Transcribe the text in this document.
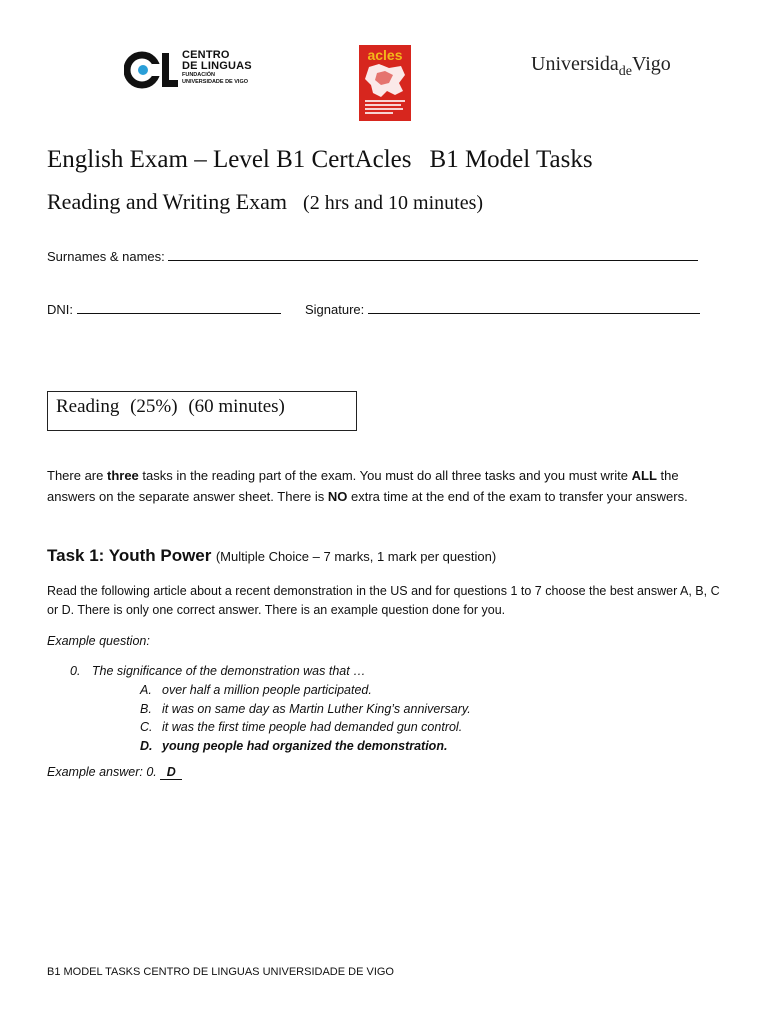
CENTRO
DE LINGUAS
FUNDACIÓN
UNIVERSIDADE DE VIGO
acles	Universida$_{de}$Vigo
English Exam – Level B1 CertAcles B1 Model Tasks
Reading and Writing Exam (2 hrs and 10 minutes)
Surnames & names:
DNI:	Signature:
Reading (25%) (60 minutes)
There are three tasks in the reading part of the exam. You must do all three tasks and you must write ALL the answers on the separate answer sheet. There is NO extra time at the end of the exam to transfer your answers.
Task 1: Youth Power (Multiple Choice – 7 marks, 1 mark per question)
Read the following article about a recent demonstration in the US and for questions 1 to 7 choose the best answer A, B, C or D. There is only one correct answer. There is an example question done for you.
Example question:
0. The significance of the demonstration was that …
A. over half a million people participated.
B. it was on same day as Martin Luther King’s anniversary.
C. it was the first time people had demanded gun control.
D. young people had organized the demonstration.
Example answer: 0. D
B1 MODEL TASKS CENTRO DE LINGUAS UNIVERSIDADE DE VIGO
